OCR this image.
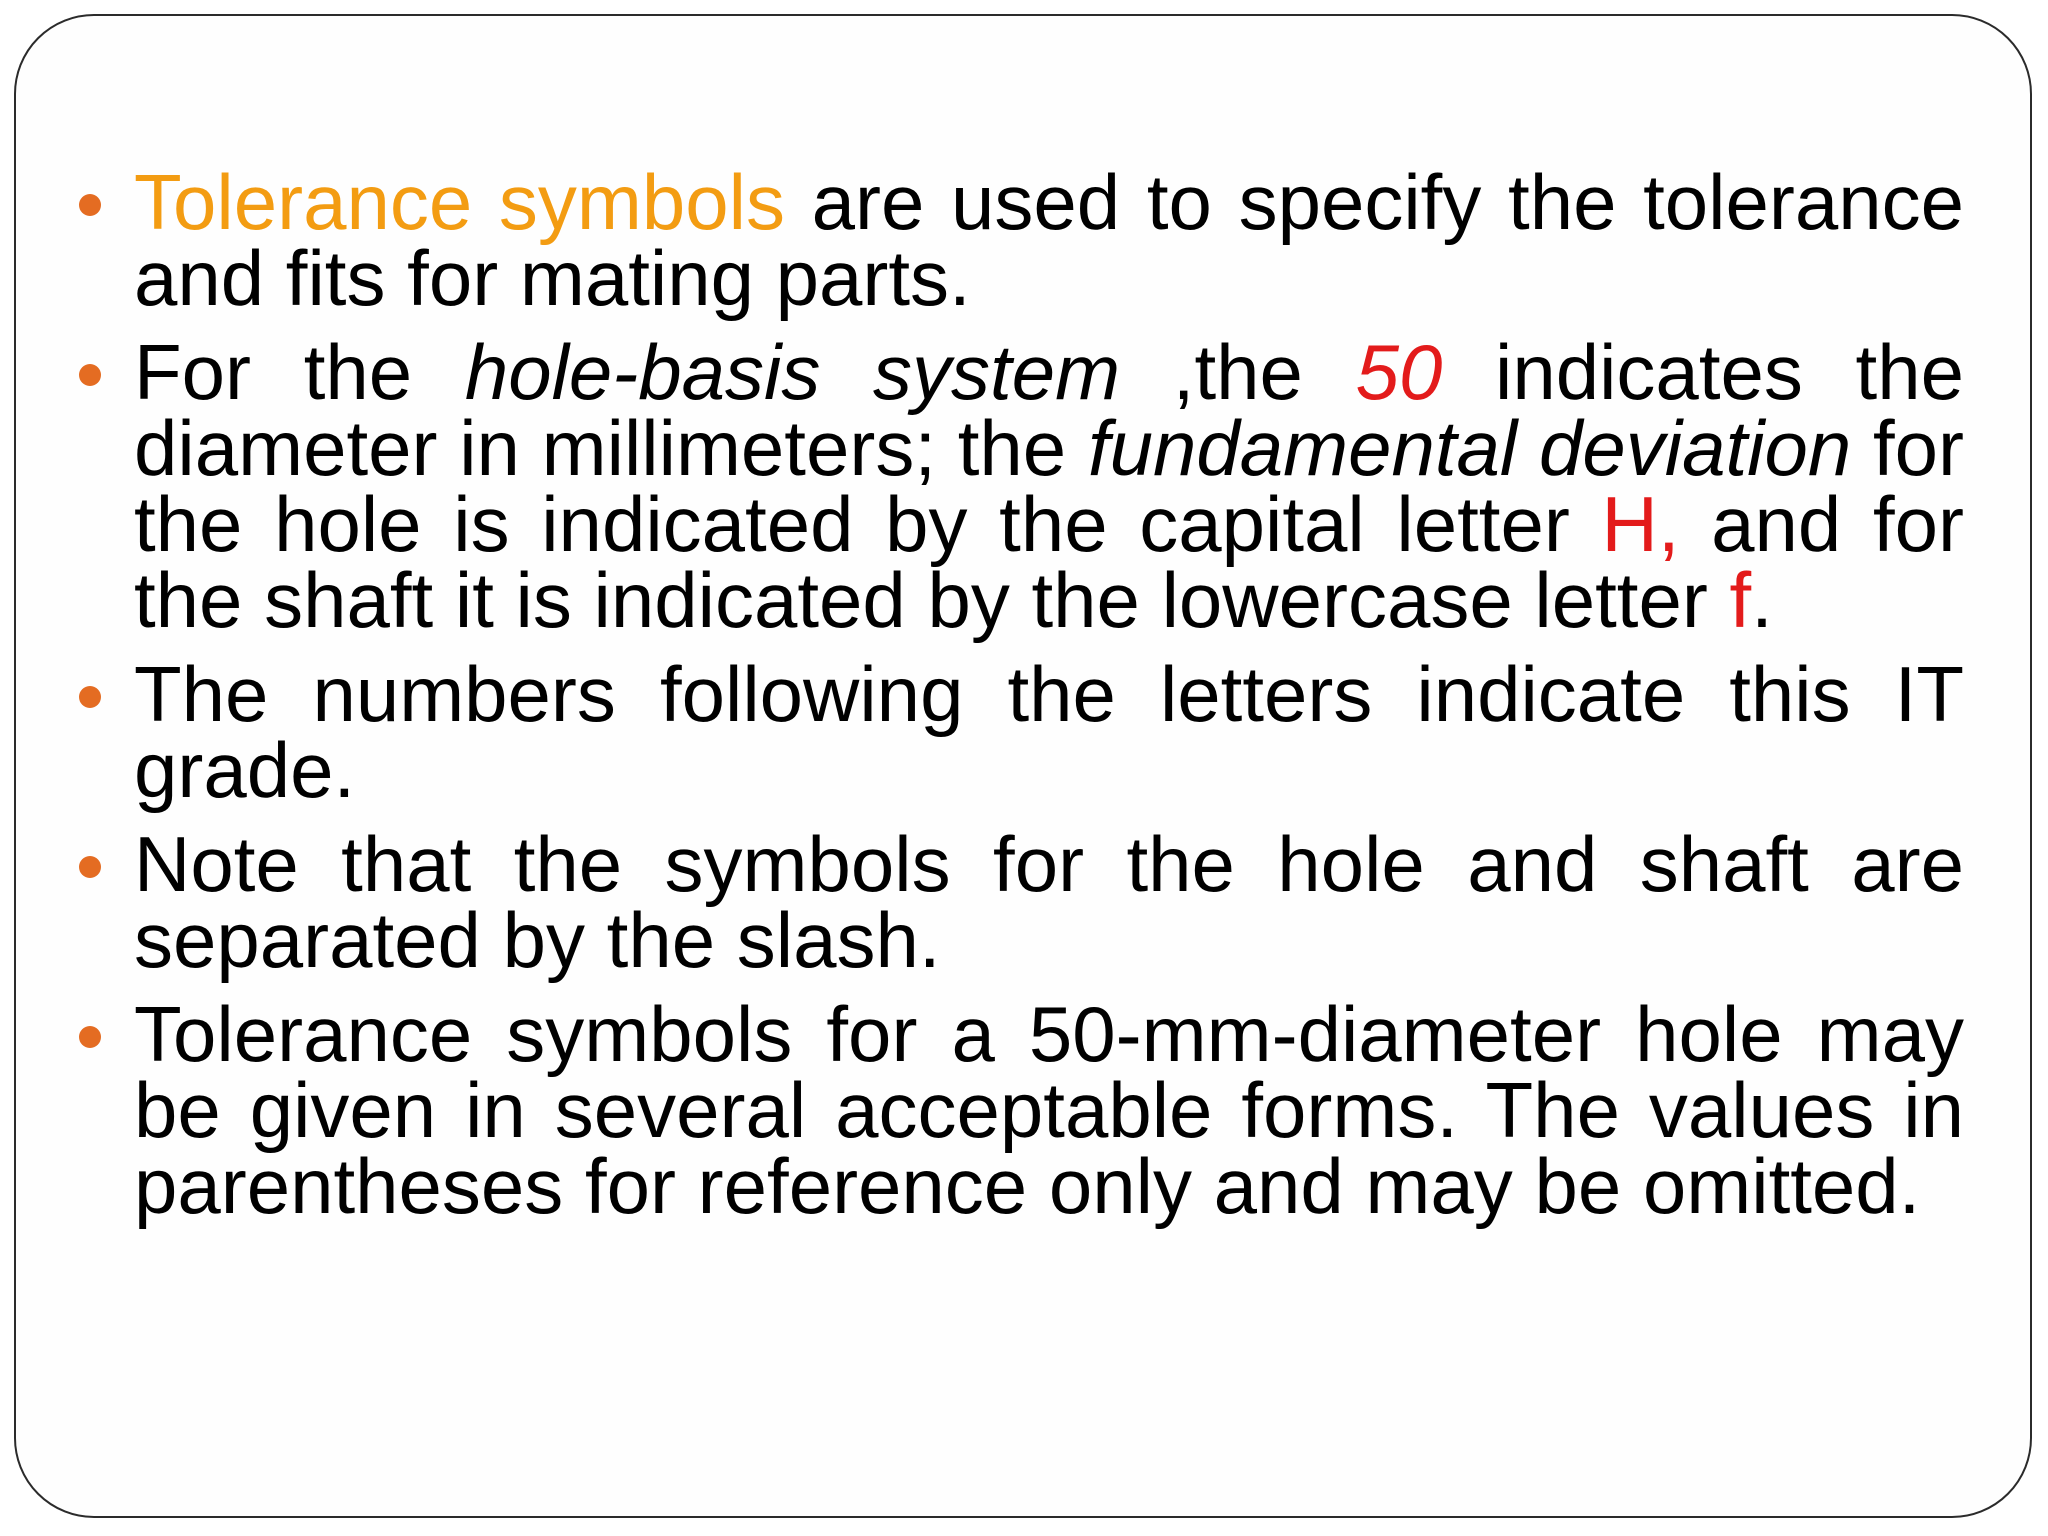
Tolerance symbols are used to specify the tolerance and fits for mating parts.
For the hole-basis system ,the 50 indicates the diameter in millimeters; the fundamental deviation for the hole is indicated by the capital letter H, and for the shaft it is indicated by the lowercase letter f.
The numbers following the letters indicate this IT grade.
Note that the symbols for the hole and shaft are separated by the slash.
Tolerance symbols for a 50-mm-diameter hole may be given in several acceptable forms. The values in parentheses for reference only and may be omitted.
